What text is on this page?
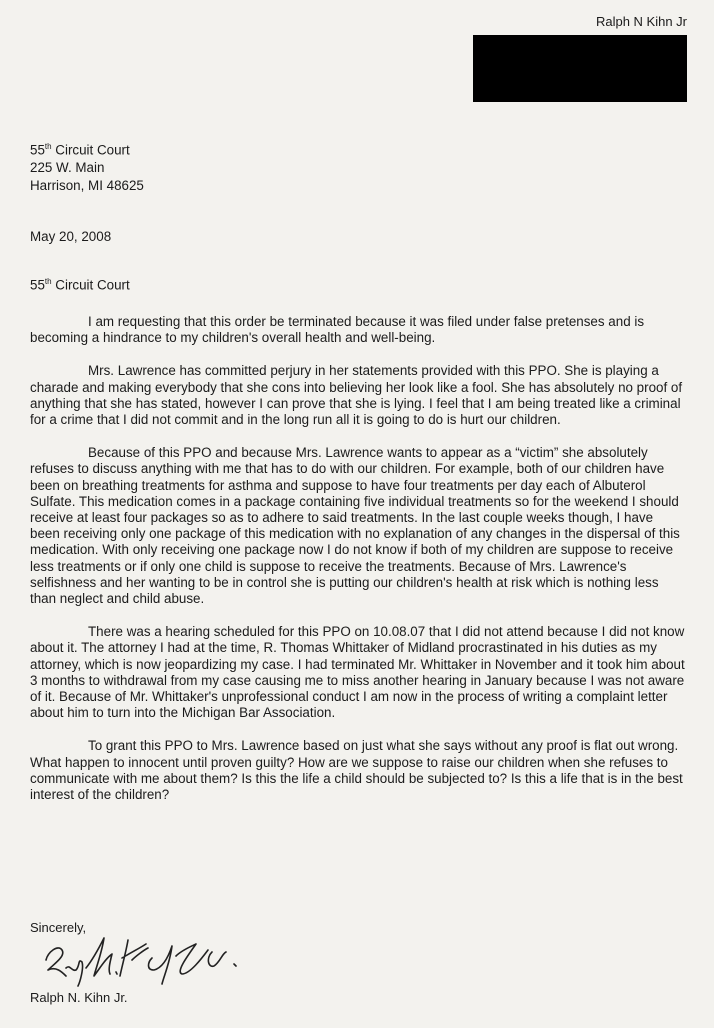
Ralph N Kihn Jr
55th Circuit Court
225 W. Main
Harrison, MI 48625
May 20, 2008
55th Circuit Court

I am requesting that this order be terminated because it was filed under false pretenses and is becoming a hindrance to my children's overall health and well-being.

Mrs. Lawrence has committed perjury in her statements provided with this PPO. She is playing a charade and making everybody that she cons into believing her look like a fool. She has absolutely no proof of anything that she has stated, however I can prove that she is lying. I feel that I am being treated like a criminal for a crime that I did not commit and in the long run all it is going to do is hurt our children.

Because of this PPO and because Mrs. Lawrence wants to appear as a “victim” she absolutely refuses to discuss anything with me that has to do with our children. For example, both of our children have been on breathing treatments for asthma and suppose to have four treatments per day each of Albuterol Sulfate. This medication comes in a package containing five individual treatments so for the weekend I should receive at least four packages so as to adhere to said treatments. In the last couple weeks though, I have been receiving only one package of this medication with no explanation of any changes in the dispersal of this medication. With only receiving one package now I do not know if both of my children are suppose to receive less treatments or if only one child is suppose to receive the treatments. Because of Mrs. Lawrence's selfishness and her wanting to be in control she is putting our children's health at risk which is nothing less than neglect and child abuse.

There was a hearing scheduled for this PPO on 10.08.07 that I did not attend because I did not know about it. The attorney I had at the time, R. Thomas Whittaker of Midland procrastinated in his duties as my attorney, which is now jeopardizing my case. I had terminated Mr. Whittaker in November and it took him about 3 months to withdrawal from my case causing me to miss another hearing in January because I was not aware of it. Because of Mr. Whittaker's unprofessional conduct I am now in the process of writing a complaint letter about him to turn into the Michigan Bar Association.

To grant this PPO to Mrs. Lawrence based on just what she says without any proof is flat out wrong. What happen to innocent until proven guilty? How are we suppose to raise our children when she refuses to communicate with me about them? Is this the life a child should be subjected to? Is this a life that is in the best interest of the children?

Sincerely,
Ralph N. Kihn Jr.
